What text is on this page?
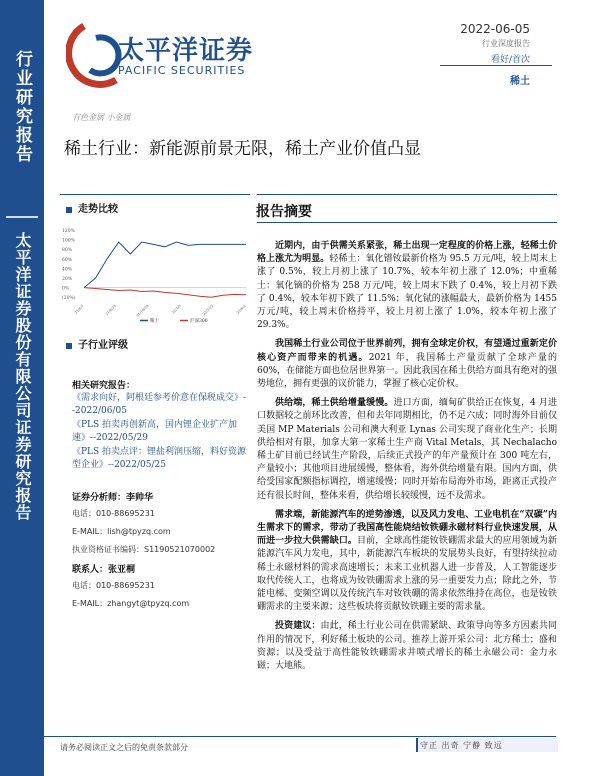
行业研究报告
太平洋证券股份有限公司证券研究报告
太平洋证券
PACIFIC SECURITIES
2022-06-05
行业深度报告
看好/首次
稀土
有色金属 小金属
稀土行业：新能源前景无限，稀土产业价值凸显
走势比较
120%
100%
80%
60%
40%
20%
0%
(20%)
21/6/7	21/8/18	21/10/29	22/1/9	22/3/22	22/6/2
稀土	沪深300
子行业评级
相关研究报告：
《需求向好，阿根廷参考价意在保税成交》--2022/06/05
《PLS 拍卖再创新高，国内锂企业扩产加速》--2022/05/29
《PLS 拍卖点评：锂盐利润压缩，料好资源型企业》--2022/05/25
证券分析师：李帅华
电话：010-88695231
E-MAIL：lish@tpyzq.com
执业资格证书编码：S1190521070002
联系人：张亚桐
电话：010-88695231
E-MAIL：zhangyt@tpyzq.com
报告摘要

近期内，由于供需关系紧张，稀土出现一定程度的价格上涨，轻稀土价格上涨尤为明显。轻稀土：氧化镨钕最新价格为 95.5 万元/吨，较上周末上涨了 0.5%，较上月初上涨了 10.7%，较本年初上涨了 12.0%；中重稀土：氧化镝的价格为 258 万元/吨，较上周末下跌了 0.4%，较上月初下跌了 0.4%，较本年初下跌了 11.5%；氧化铽的涨幅最大，最新价格为 1455 万元/吨，较上周末价格持平，较上月初上涨了 1.0%，较本年初上涨了 29.3%。

我国稀土行业公司位于世界前列，拥有全球定价权，有望通过重新定价核心资产而带来的机遇。2021 年，我国稀土产量贡献了全球产量的 60%，在储能方面也位居世界第一。因此我国在稀土供给方面具有绝对的强势地位，拥有更强的议价能力，掌握了核心定价权。

供给端，稀土供给增量缓慢。进口方面，缅甸矿供给正在恢复，4 月进口数据较之前环比改善，但和去年同期相比，仍不足六成；同时海外目前仅美国 MP Materials 公司和澳大利亚 Lynas 公司实现了商业化生产；长期供给相对有限，加拿大第一家稀土生产商 Vital Metals，其 Nechalacho 稀土矿目前已经试生产阶段，后续正式投产的年产量预计在 300 吨左右，产量较小；其他项目进展缓慢，整体看，海外供给增量有限。国内方面，供给受国家配额指标调控，增速缓慢；同时开始布局海外市场，距离正式投产还有很长时间，整体来看，供给增长较缓慢，远不及需求。

需求端，新能源汽车的逆势渗透，以及风力发电、工业电机在“双碳”内生需求下的需求，带动了我国高性能烧结钕铁硼永磁材料行业快速发展，从而进一步拉大供需缺口。目前，全球高性能钕铁硼需求最大的应用领域为新能源汽车风力发电，其中，新能源汽车板块的发展势头良好，有望持续拉动稀土永磁材料的需求高速增长；未来工业机器人进一步普及，人工智能逐步取代传统人工，也将成为钕铁硼需求上涨的另一重要发力点；除此之外，节能电梯、变频空调以及传统汽车对钕铁硼的需求依然维持在高位，也是钕铁硼需求的主要来源；这些板块将贡献钕铁硼主要的需求量。

投资建议：由此，稀土行业公司在供需紧缺、政策导向等多方因素共同作用的情况下，利好稀土板块的公司。推荐上游开采公司：北方稀土；盛和资源；以及受益于高性能钕铁硼需求井喷式增长的稀土永磁公司：金力永磁；大地熊。

请务必阅读正文之后的免责条款部分	守正 出奇 宁静 致远
